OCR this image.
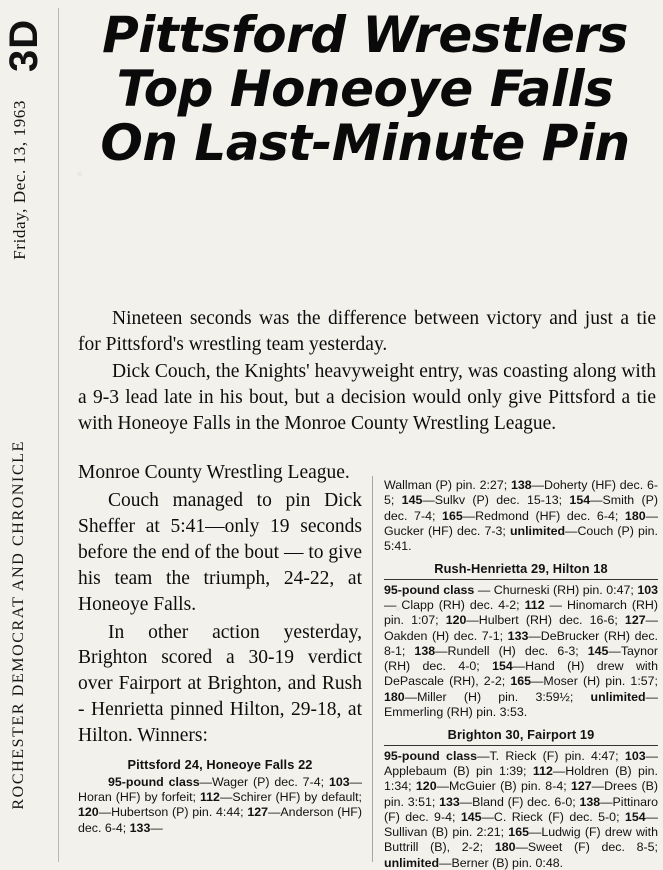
3D
Friday, Dec. 13, 1963
ROCHESTER DEMOCRAT AND CHRONICLE
Pittsford Wrestlers
Top Honeoye Falls
On Last-Minute Pin

Nineteen seconds was the difference between victory and just a tie for Pittsford's wrestling team yesterday.

Dick Couch, the Knights' heavyweight entry, was coasting along with a 9-3 lead late in his bout, but a decision would only give Pittsford a tie with Honeoye Falls in the Monroe County Wrestling League.

Monroe County Wrestling League.

Couch managed to pin Dick Sheffer at 5:41—only 19 seconds before the end of the bout — to give his team the triumph, 24-22, at Honeoye Falls.

In other action yesterday, Brighton scored a 30-19 verdict over Fairport at Brighton, and Rush - Henrietta pinned Hilton, 29-18, at Hilton. Winners:

Pittsford 24, Honeoye Falls 22

95-pound class—Wager (P) dec. 7-4; 103—Horan (HF) by forfeit; 112—Schirer (HF) by default; 120—Hubertson (P) pin. 4:44; 127—Anderson (HF) dec. 6-4; 133—

Wallman (P) pin. 2:27; 138—Doherty (HF) dec. 6-5; 145—Sulkv (P) dec. 15-13; 154—Smith (P) dec. 7-4; 165—Redmond (HF) dec. 6-4; 180—Gucker (HF) dec. 7-3; unlimited—Couch (P) pin. 5:41.

Rush-Henrietta 29, Hilton 18

95-pound class — Churneski (RH) pin. 0:47; 103 — Clapp (RH) dec. 4-2; 112 — Hinomarch (RH) pin. 1:07; 120—Hulbert (RH) dec. 16-6; 127—Oakden (H) dec. 7-1; 133—DeBrucker (RH) dec. 8-1; 138—Rundell (H) dec. 6-3; 145—Taynor (RH) dec. 4-0; 154—Hand (H) drew with DePascale (RH), 2-2; 165—Moser (H) pin. 1:57; 180—Miller (H) pin. 3:59½; unlimited—Emmerling (RH) pin. 3:53.

Brighton 30, Fairport 19

95-pound class—T. Rieck (F) pin. 4:47; 103—Applebaum (B) pin 1:39; 112—Holdren (B) pin. 1:34; 120—McGuier (B) pin. 8-4; 127—Drees (B) pin. 3:51; 133—Bland (F) dec. 6-0; 138—Pittinaro (F) dec. 9-4; 145—C. Rieck (F) dec. 5-0; 154—Sullivan (B) pin. 2:21; 165—Ludwig (F) drew with Buttrill (B), 2-2; 180—Sweet (F) dec. 8-5; unlimited—Berner (B) pin. 0:48.
